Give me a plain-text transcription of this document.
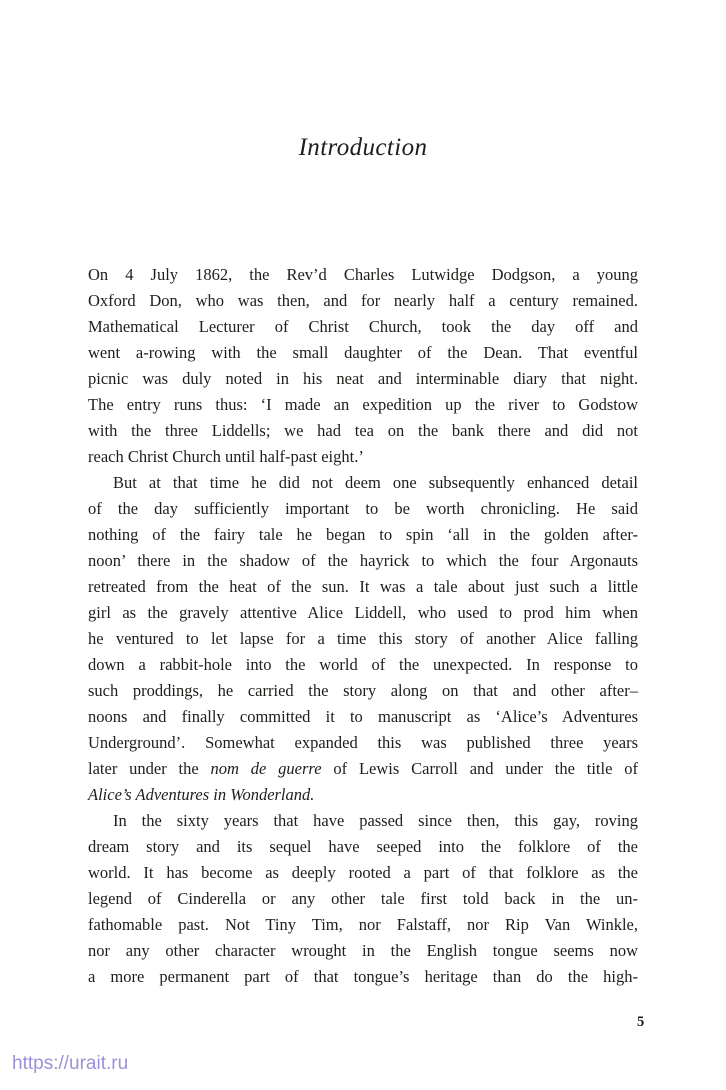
Introduction
On 4 July 1862, the Rev’d Charles Lutwidge Dodgson, a young
Oxford Don, who was then, and for nearly half a century remained.
Mathematical Lecturer of Christ Church, took the day off and
went a-rowing with the small daughter of the Dean. That eventful
picnic was duly noted in his neat and interminable diary that night.
The entry runs thus: ‘I made an expedition up the river to Godstow
with the three Liddells; we had tea on the bank there and did not
reach Christ Church until half-past eight.’
But at that time he did not deem one subsequently enhanced detail
of the day sufficiently important to be worth chronicling. He said
nothing of the fairy tale he began to spin ‘all in the golden after-
noon’ there in the shadow of the hayrick to which the four Argonauts
retreated from the heat of the sun. It was a tale about just such a little
girl as the gravely attentive Alice Liddell, who used to prod him when
he ventured to let lapse for a time this story of another Alice falling
down a rabbit-hole into the world of the unexpected. In response to
such proddings, he carried the story along on that and other after–
noons and finally committed it to manuscript as ‘Alice’s Adventures
Underground’. Somewhat expanded this was published three years
later under the nom de guerre of Lewis Carroll and under the title of
Alice’s Adventures in Wonderland.
In the sixty years that have passed since then, this gay, roving
dream story and its sequel have seeped into the folklore of the
world. It has become as deeply rooted a part of that folklore as the
legend of Cinderella or any other tale first told back in the un-
fathomable past. Not Tiny Tim, nor Falstaff, nor Rip Van Winkle,
nor any other character wrought in the English tongue seems now
a more permanent part of that tongue’s heritage than do the high-
5
https://urait.ru
